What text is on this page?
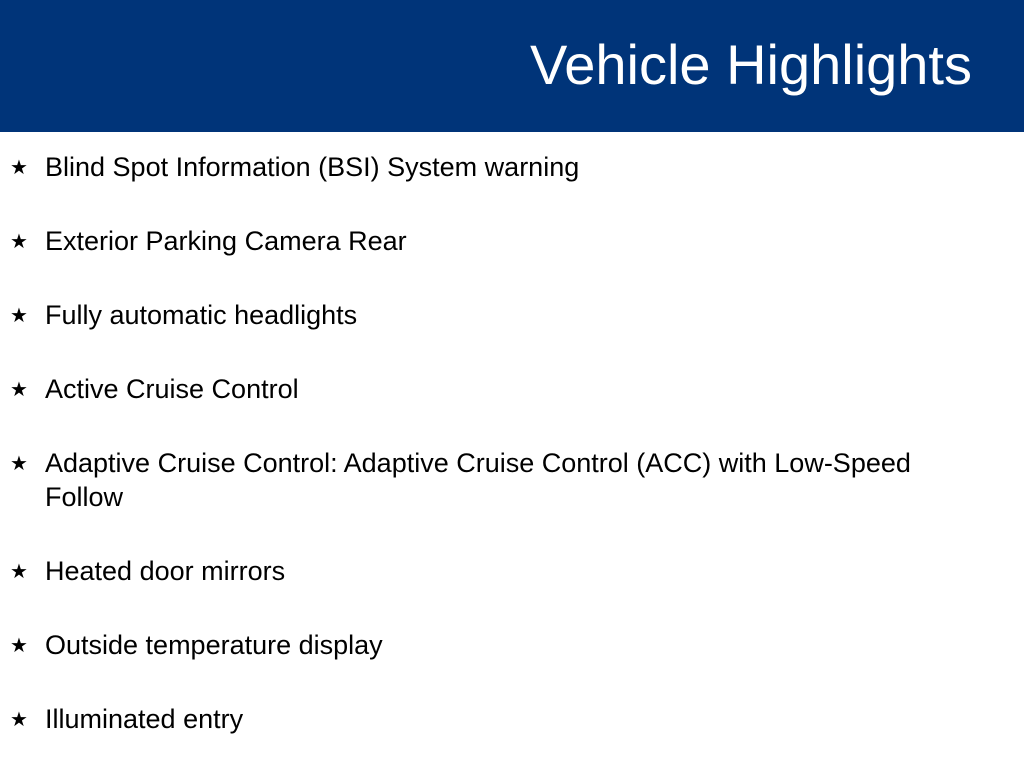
Vehicle Highlights
★ Blind Spot Information (BSI) System warning
★ Exterior Parking Camera Rear
★ Fully automatic headlights
★ Active Cruise Control
★ Adaptive Cruise Control: Adaptive Cruise Control (ACC) with Low-Speed Follow
★ Heated door mirrors
★ Outside temperature display
★ Illuminated entry
